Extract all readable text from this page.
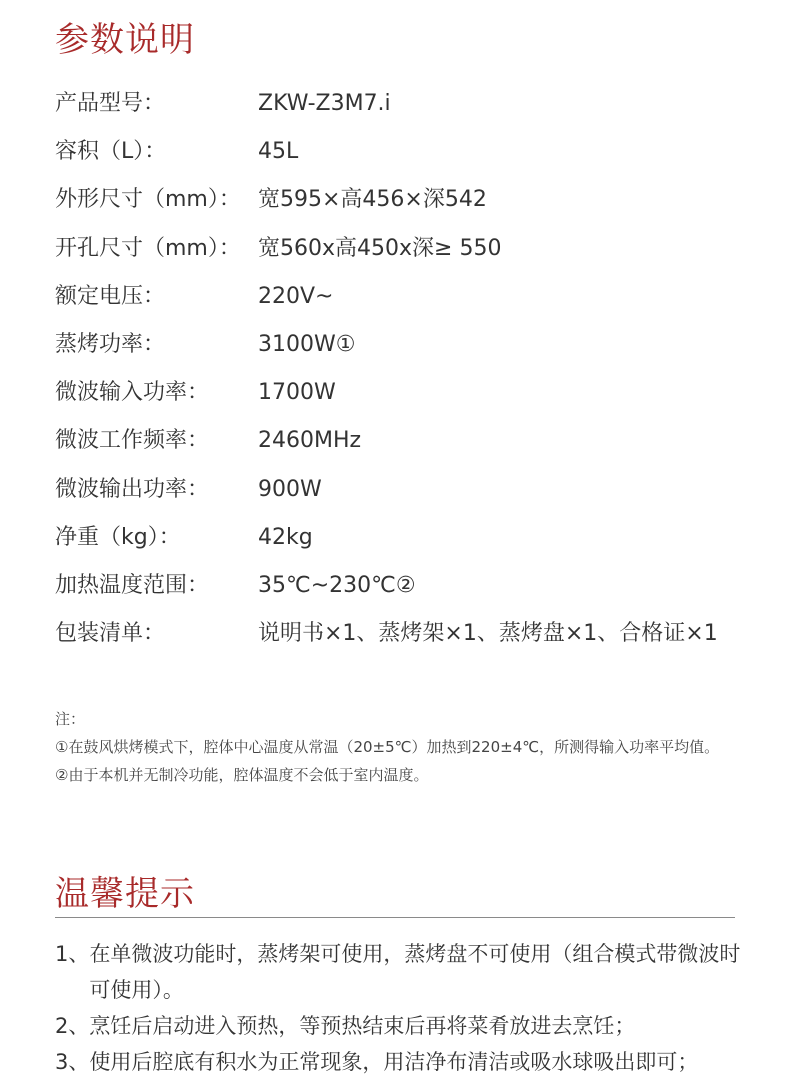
参数说明
产品型号：	ZKW-Z3M7.i
容积（L）：	45L
外形尺寸（mm）： 宽595×高456×深542
开孔尺寸（mm）： 宽560x高450x深≥ 550
额定电压：	220V~
蒸烤功率：	3100W①
微波输入功率： 1700W
微波工作频率： 2460MHz
微波输出功率： 900W
净重（kg）：	42kg
加热温度范围： 35℃~230℃②
包装清单：	说明书×1、蒸烤架×1、蒸烤盘×1、合格证×1

注：

①在鼓风烘烤模式下，腔体中心温度从常温（20±5℃）加热到220±4℃，所测得输入功率平均值。

②由于本机并无制冷功能，腔体温度不会低于室内温度。

温馨提示
1、 在单微波功能时，蒸烤架可使用，蒸烤盘不可使用（组合模式带微波时可使用）。
2、 烹饪后启动进入预热，等预热结束后再将菜肴放进去烹饪；
3、 使用后腔底有积水为正常现象，用洁净布清洁或吸水球吸出即可；
